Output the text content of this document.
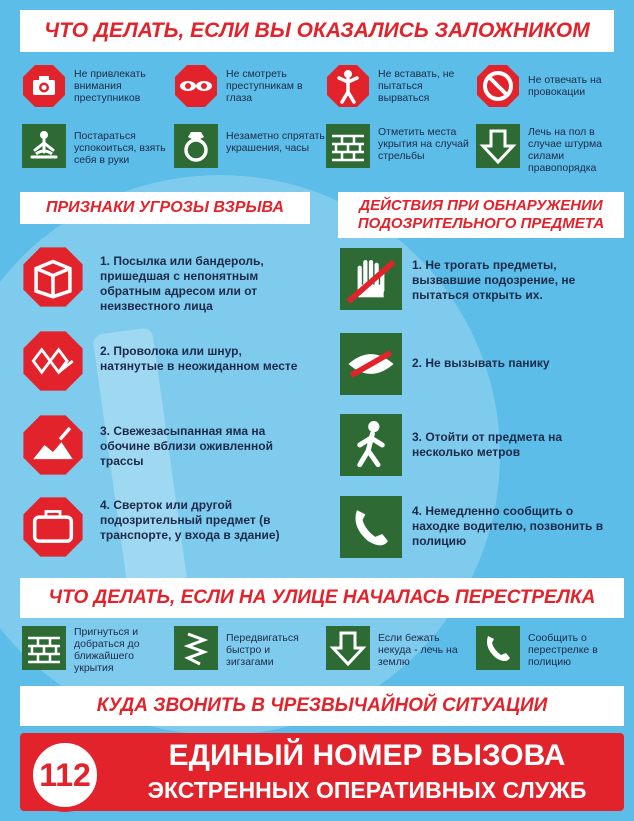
ЧТО ДЕЛАТЬ, ЕСЛИ ВЫ ОКАЗАЛИСЬ ЗАЛОЖНИКОМ
Не привлекать внимания преступников
Не смотреть преступникам в глаза
Не вставать, не пытаться вырваться
Не отвечать на провокации
Постараться успокоиться, взять себя в руки
Незаметно спрятать украшения, часы
Отметить места укрытия на случай стрельбы
Лечь на пол в случае штурма силами правопорядка
ПРИЗНАКИ УГРОЗЫ ВЗРЫВА	ДЕЙСТВИЯ ПРИ ОБНАРУЖЕНИИ
ПОДОЗРИТЕЛЬНОГО ПРЕДМЕТА
1. Посылка или бандероль, пришедшая с непонятным обратным адресом или от неизвестного лица
2. Проволока или шнур, натянутые в неожиданном месте
3. Свежезасыпанная яма на обочине вблизи оживленной трассы
4. Сверток или другой подозрительный предмет (в транспорте, у входа в здание)
1. Не трогать предметы, вызвавшие подозрение, не пытаться открыть их.
2. Не вызывать панику
3. Отойти от предмета на несколько метров
4. Немедленно сообщить о находке водителю, позвонить в полицию
ЧТО ДЕЛАТЬ, ЕСЛИ НА УЛИЦЕ НАЧАЛАСЬ ПЕРЕСТРЕЛКА
Пригнуться и добраться до ближайшего укрытия
Передвигаться быстро и зигзагами
Если бежать некуда - лечь на землю
Сообщить о перестрелке в полицию
КУДА ЗВОНИТЬ В ЧРЕЗВЫЧАЙНОЙ СИТУАЦИИ
112
ЕДИНЫЙ НОМЕР ВЫЗОВА
ЭКСТРЕННЫХ ОПЕРАТИВНЫХ СЛУЖБ
